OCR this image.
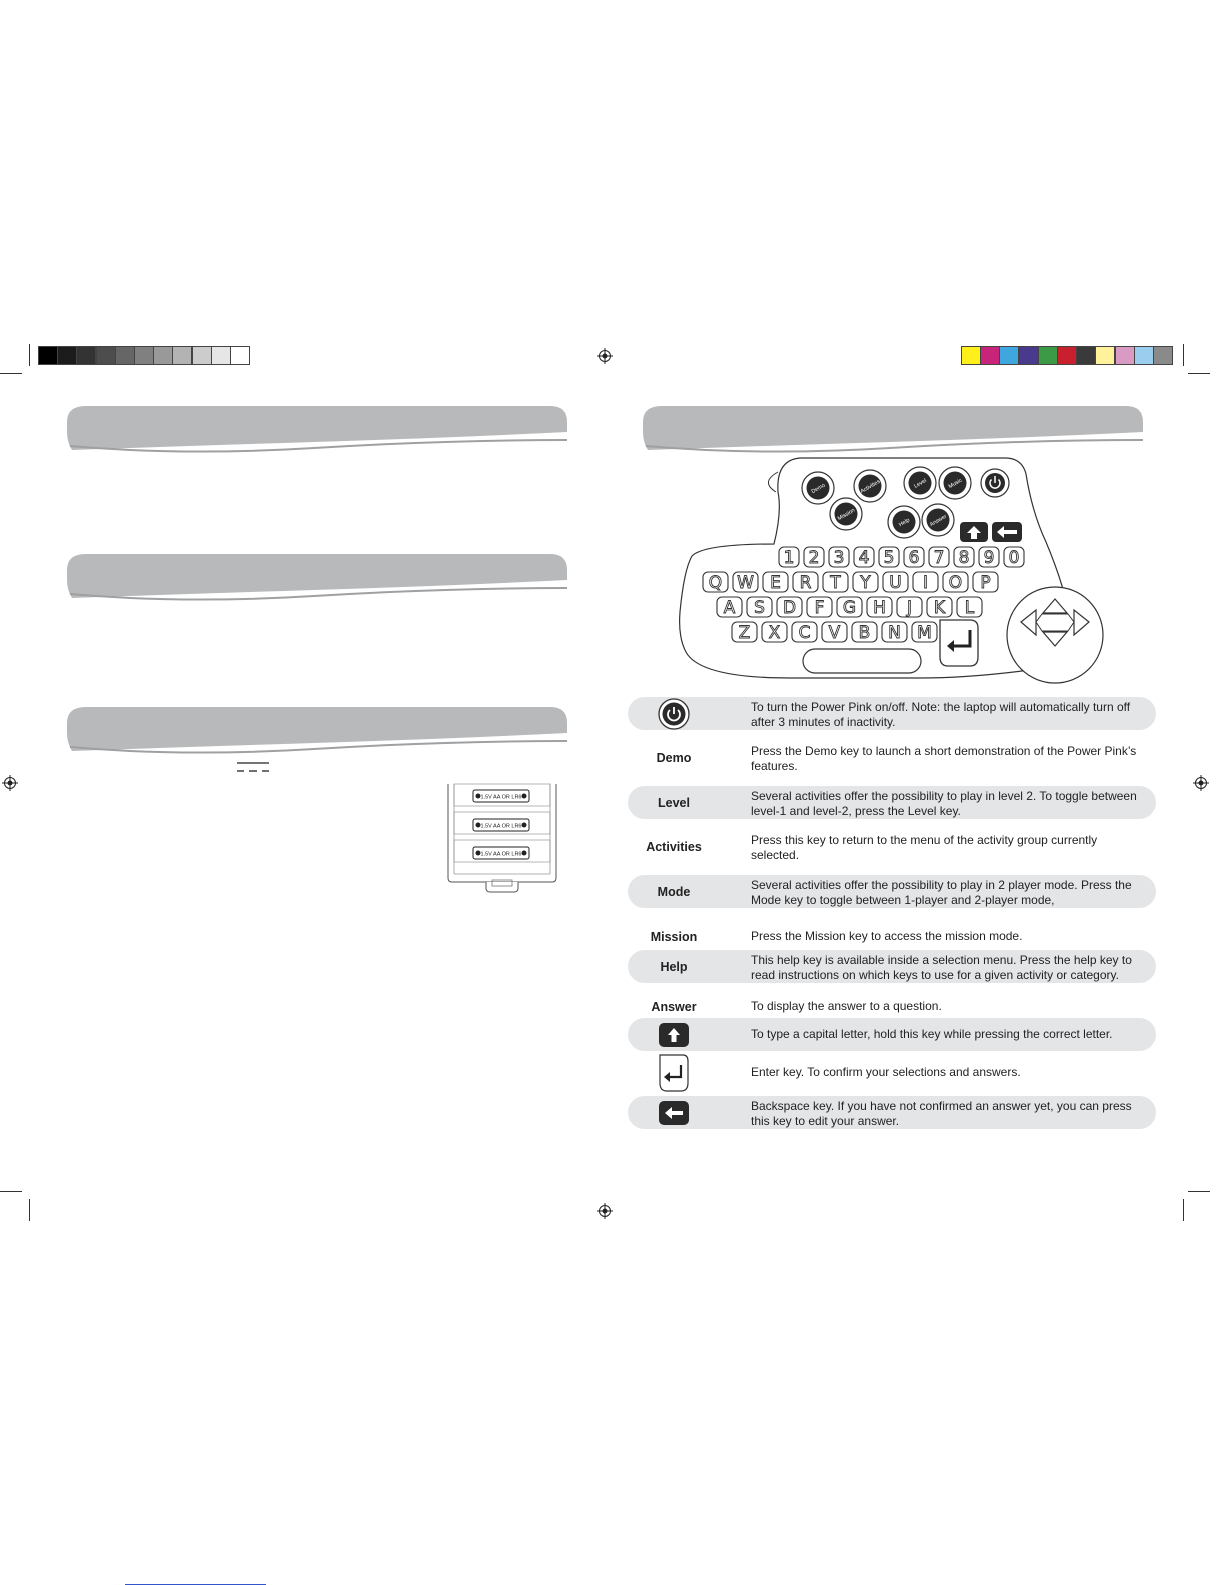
1.5V AA OR LR6
1.5V AA OR LR6
1.5V AA OR LR6
Demo	Activities	Level	Music
Mission
Help	Answer
1 2 3 4 5 6 7 8 9 0
Q W E R T Y U I O P
A S D F G H J K L
Z X C V B N M
To turn the Power Pink on/off. Note: the laptop will automatically turn off after 3 minutes of inactivity.
Demo	Press the Demo key to launch a short demonstration of the Power Pink’s features.
Level	Several activities offer the possibility to play in level 2. To toggle between level-1 and level-2, press the Level key.
Activities	Press this key to return to the menu of the activity group currently selected.
Mode	Several activities offer the possibility to play in 2 player mode. Press the Mode key to toggle between 1-player and 2-player mode,
Mission	Press the Mission key to access the mission mode.
Help	This help key is available inside a selection menu. Press the help key to read instructions on which keys to use for a given activity or category.
Answer	To display the answer to a question.
To type a capital letter, hold this key while pressing the correct letter.
Enter key. To confirm your selections and answers.
Backspace key. If you have not confirmed an answer yet, you can press this key to edit your answer.
